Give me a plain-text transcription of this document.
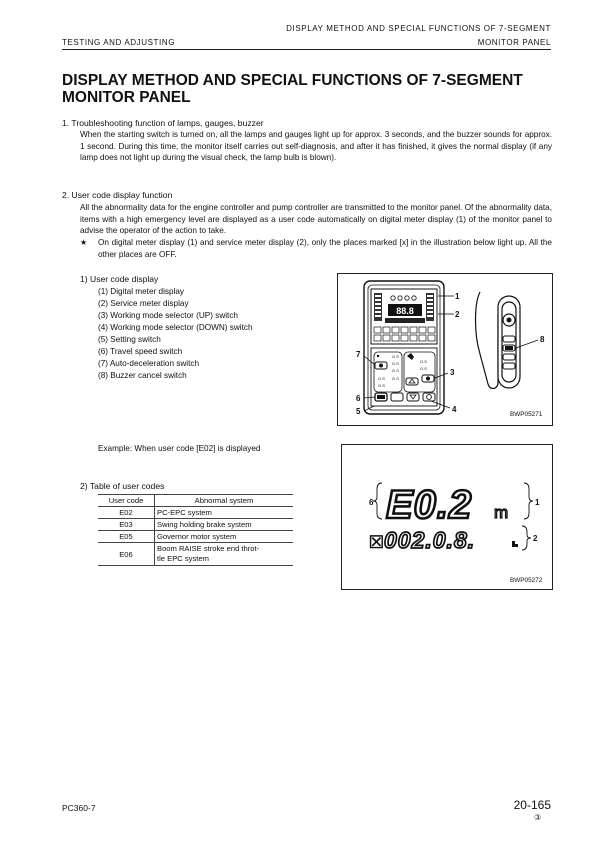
DISPLAY METHOD AND SPECIAL FUNCTIONS OF 7-SEGMENT
TESTING AND ADJUSTING	MONITOR PANEL
DISPLAY METHOD AND SPECIAL FUNCTIONS OF 7-SEGMENT
MONITOR PANEL
1. Troubleshooting function of lamps, gauges, buzzer
When the starting switch is turned on, all the lamps and gauges light up for approx. 3 seconds, and the buzzer sounds for approx. 1 second. During this time, the monitor itself carries out self-diagnosis, and after it has finished, it gives the normal display (if any lamp does not light up during the visual check, the lamp bulb is blown).
2. User code display function
All the abnormality data for the engine controller and pump controller are transmitted to the monitor panel. Of the abnormality data, items with a high emergency level are displayed as a user code automatically on digital meter display (1) of the monitor panel to advise the operator of the action to take.
★ On digital meter display (1) and service meter display (2), only the places marked [x] in the illustration below light up. All the other places are OFF.
1) User code display
(1) Digital meter display
(2) Service meter display
(3) Working mode selector (UP) switch
(4) Working mode selector (DOWN) switch
(5) Setting switch
(6) Travel speed switch
(7) Auto-deceleration switch
(8) Buzzer cancel switch
88.8
O.S
O.S
O.S
O.S O.S
O.S
O.S
O.S
1
2
3
4
5
6
7
8
BWP05271
Example: When user code [E02] is displayed
6 E0.2 m
1
⊠ 002.0.8.	2
BWP05272
2) Table of user codes
User code	Abnormal system
E02	PC-EPC system
E03	Swing holding brake system
E05	Governor motor system
E06	Boom RAISE stroke end throt-
tle EPC system
PC360-7	20-165
③
